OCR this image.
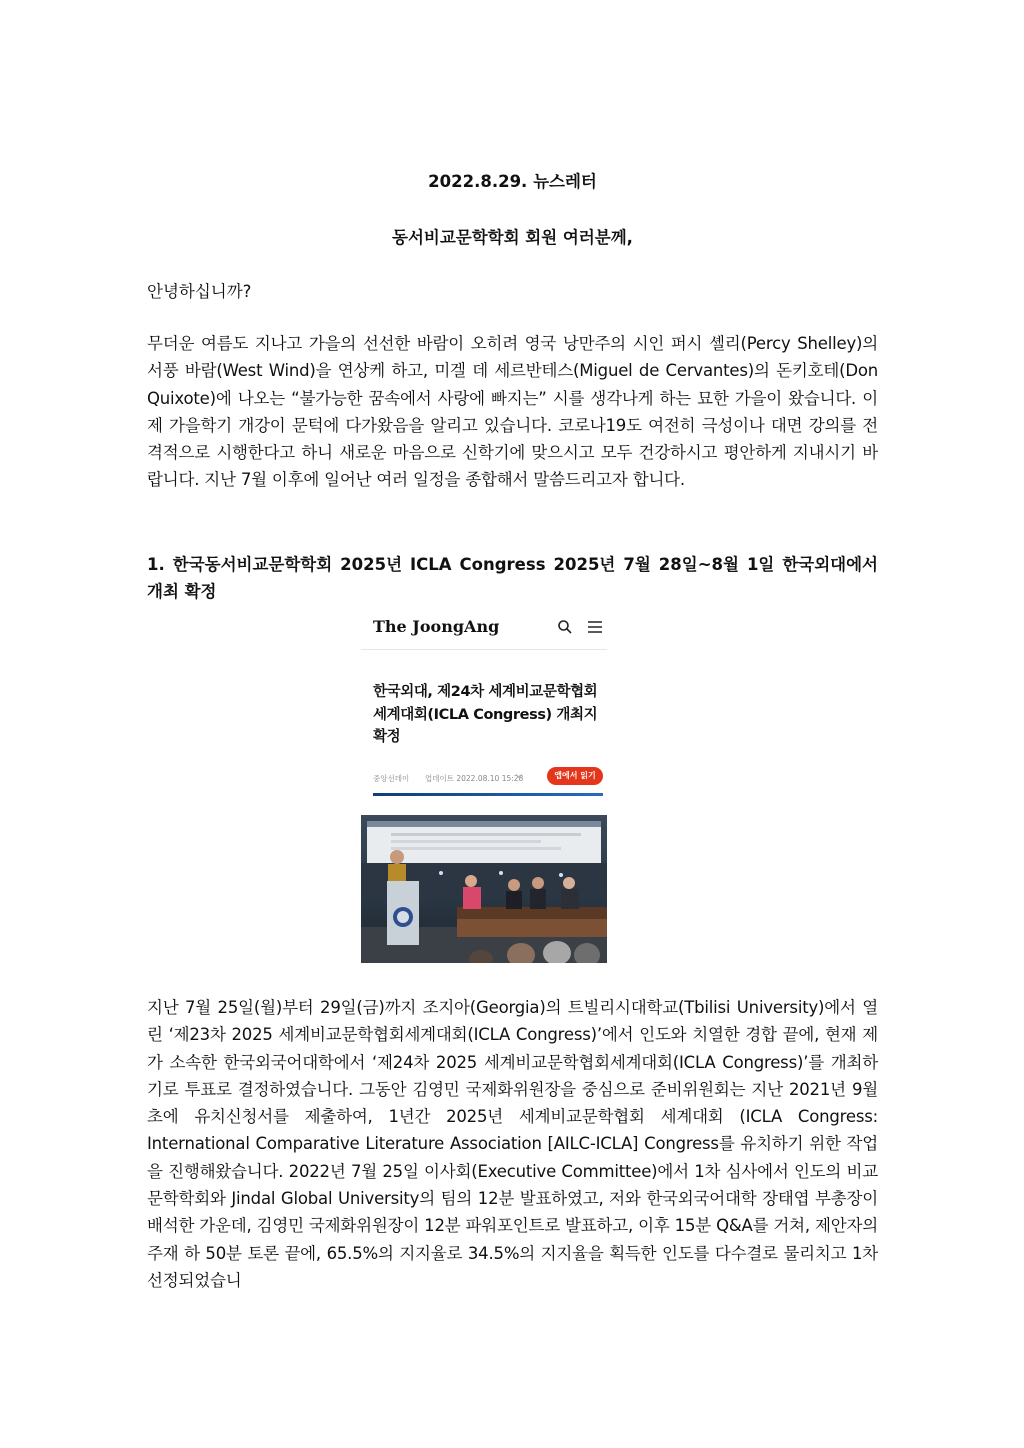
2022.8.29. 뉴스레터
동서비교문학학회 회원 여러분께,
안녕하십니까?
무더운 여름도 지나고 가을의 선선한 바람이 오히려 영국 낭만주의 시인 퍼시 셸리(Percy Shelley)의 서풍 바람(West Wind)을 연상케 하고, 미겔 데 세르반테스(Miguel de Cervantes)의 돈키호테(Don Quixote)에 나오는 “불가능한 꿈속에서 사랑에 빠지는” 시를 생각나게 하는 묘한 가을이 왔습니다. 이제 가을학기 개강이 문턱에 다가왔음을 알리고 있습니다. 코로나19도 여전히 극성이나 대면 강의를 전격적으로 시행한다고 하니 새로운 마음으로 신학기에 맞으시고 모두 건강하시고 평안하게 지내시기 바랍니다. 지난 7월 이후에 일어난 여러 일정을 종합해서 말씀드리고자 합니다.
1. 한국동서비교문학학회 2025년 ICLA Congress 2025년 7월 28일~8월 1일 한국외대에서 개최 확정
The JoongAng
한국외대, 제24차 세계비교문학협회세계대회(ICLA Congress) 개최지 확정
중앙선데이 업데이트 2022.08.10 15:28	앱에서 읽기
지난 7월 25일(월)부터 29일(금)까지 조지아(Georgia)의 트빌리시대학교(Tbilisi University)에서 열린 ‘제23차 2025 세계비교문학협회세계대회(ICLA Congress)’에서 인도와 치열한 경합 끝에, 현재 제가 소속한 한국외국어대학에서 ‘제24차 2025 세계비교문학협회세계대회(ICLA Congress)’를 개최하기로 투표로 결정하였습니다. 그동안 김영민 국제화위원장을 중심으로 준비위원회는 지난 2021년 9월 초에 유치신청서를 제출하여, 1년간 2025년 세계비교문학협회 세계대회 (ICLA Congress: International Comparative Literature Association [AILC-ICLA] Congress를 유치하기 위한 작업을 진행해왔습니다. 2022년 7월 25일 이사회(Executive Committee)에서 1차 심사에서 인도의 비교문학학회와 Jindal Global University의 팀의 12분 발표하였고, 저와 한국외국어대학 장태엽 부총장이 배석한 가운데, 김영민 국제화위원장이 12분 파워포인트로 발표하고, 이후 15분 Q&A를 거쳐, 제안자의 주재 하 50분 토론 끝에, 65.5%의 지지율로 34.5%의 지지율을 획득한 인도를 다수결로 물리치고 1차 선정되었습니
